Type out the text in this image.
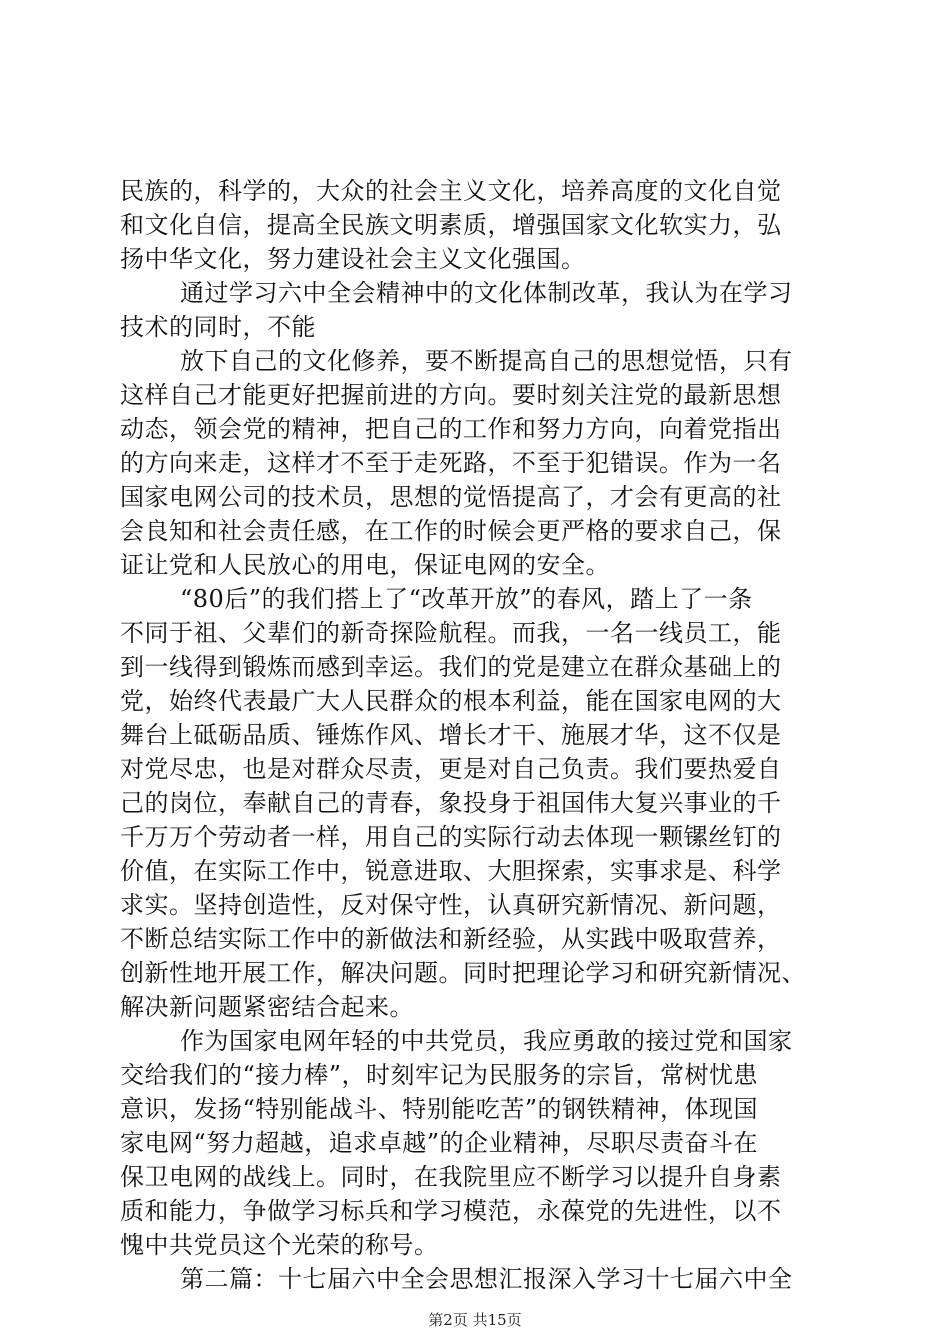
民族的，科学的，大众的社会主义文化，培养高度的文化自觉
和文化自信，提高全民族文明素质，增强国家文化软实力，弘
扬中华文化，努力建设社会主义文化强国。
通过学习六中全会精神中的文化体制改革，我认为在学习
技术的同时，不能
放下自己的文化修养，要不断提高自己的思想觉悟，只有
这样自己才能更好把握前进的方向。要时刻关注党的最新思想
动态，领会党的精神，把自己的工作和努力方向，向着党指出
的方向来走，这样才不至于走死路，不至于犯错误。作为一名
国家电网公司的技术员，思想的觉悟提高了，才会有更高的社
会良知和社会责任感，在工作的时候会更严格的要求自己，保
证让党和人民放心的用电，保证电网的安全。
“80后”的我们搭上了“改革开放”的春风，踏上了一条
不同于祖、父辈们的新奇探险航程。而我，一名一线员工，能
到一线得到锻炼而感到幸运。我们的党是建立在群众基础上的
党，始终代表最广大人民群众的根本利益，能在国家电网的大
舞台上砥砺品质、锤炼作风、增长才干、施展才华，这不仅是
对党尽忠，也是对群众尽责，更是对自己负责。我们要热爱自
己的岗位，奉献自己的青春，象投身于祖国伟大复兴事业的千
千万万个劳动者一样，用自己的实际行动去体现一颗镙丝钉的
价值，在实际工作中，锐意进取、大胆探索，实事求是、科学
求实。坚持创造性，反对保守性，认真研究新情况、新问题，
不断总结实际工作中的新做法和新经验，从实践中吸取营养，
创新性地开展工作，解决问题。同时把理论学习和研究新情况、
解决新问题紧密结合起来。
作为国家电网年轻的中共党员，我应勇敢的接过党和国家
交给我们的“接力棒”，时刻牢记为民服务的宗旨，常树忧患
意识，发扬“特别能战斗、特别能吃苦”的钢铁精神，体现国
家电网“努力超越，追求卓越”的企业精神，尽职尽责奋斗在
保卫电网的战线上。同时，在我院里应不断学习以提升自身素
质和能力，争做学习标兵和学习模范，永葆党的先进性，以不
愧中共党员这个光荣的称号。
第二篇：十七届六中全会思想汇报深入学习十七届六中全
第2页 共15页
